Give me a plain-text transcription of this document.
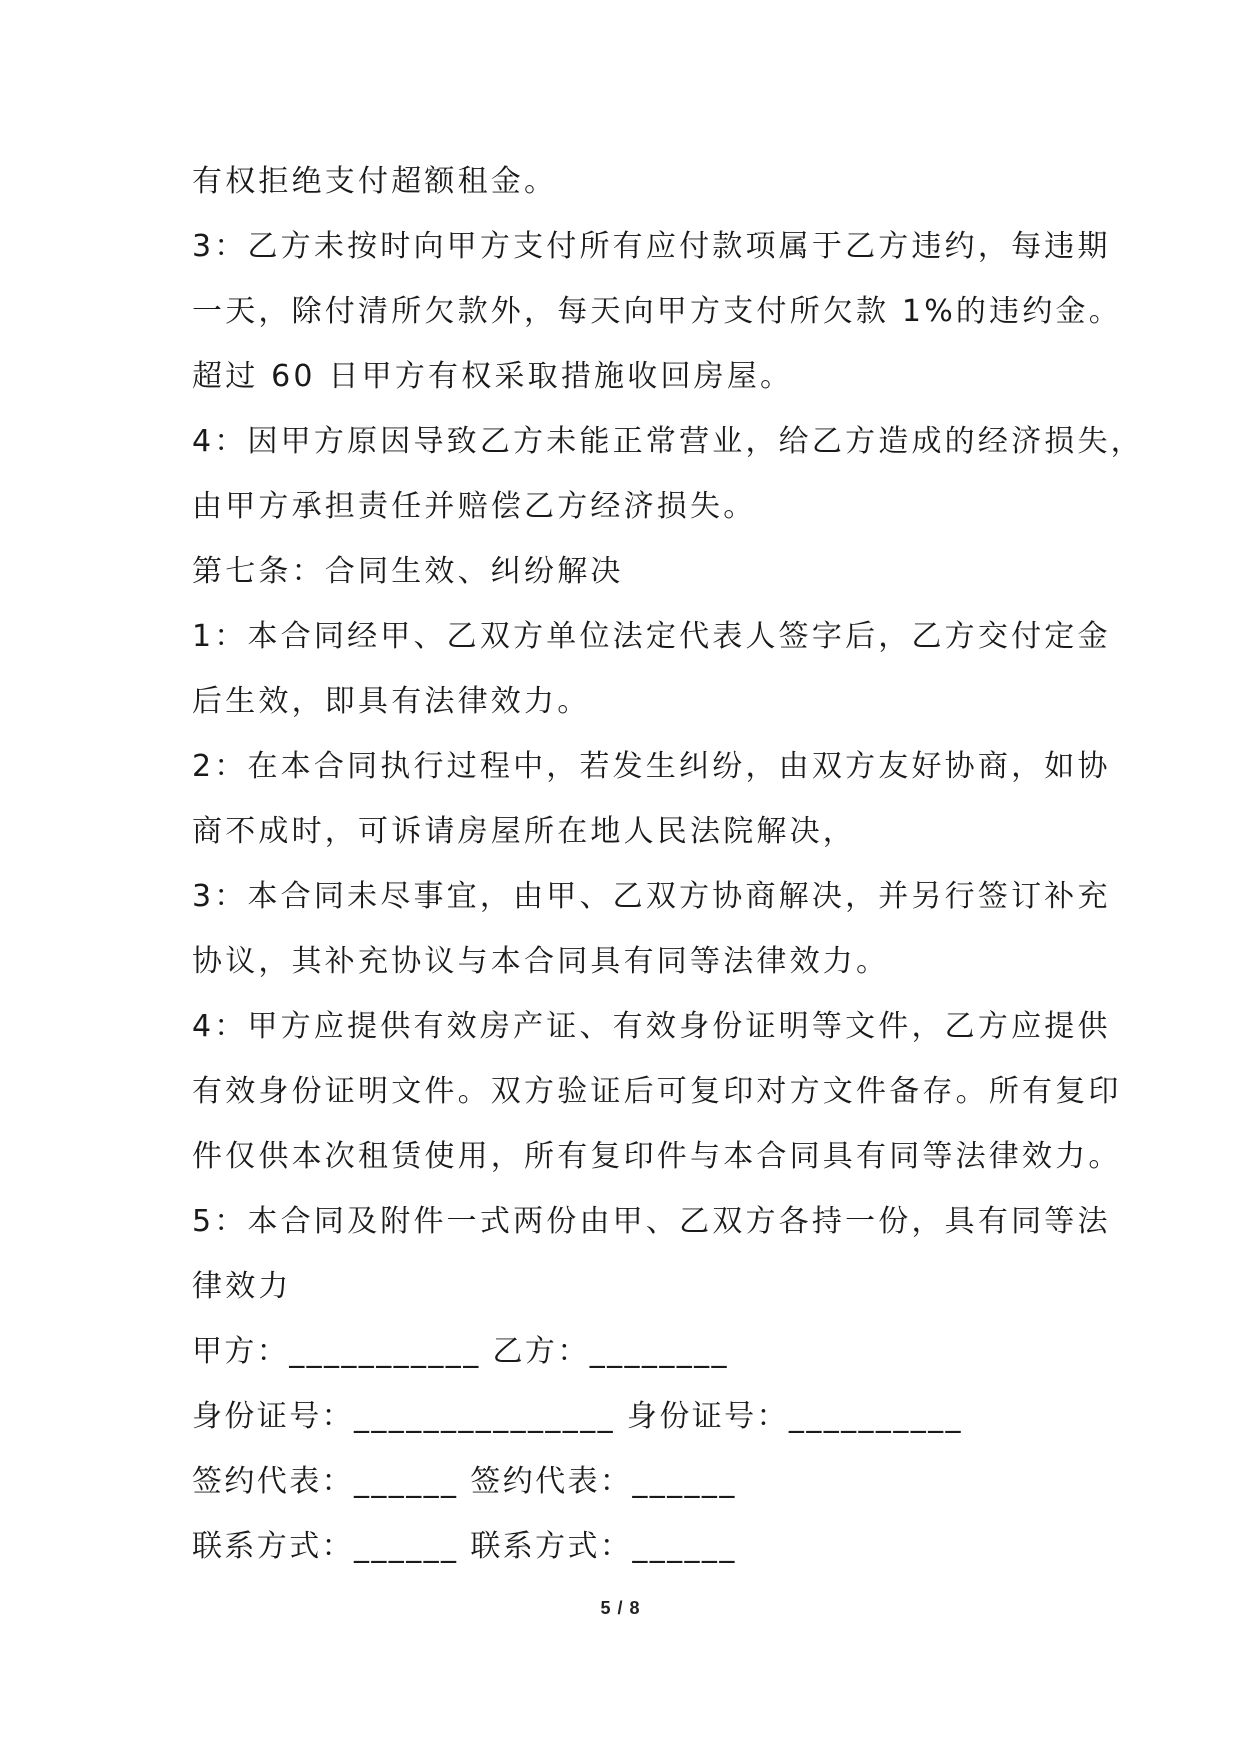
有权拒绝支付超额租金。
3：乙方未按时向甲方支付所有应付款项属于乙方违约，每违期
一天，除付清所欠款外，每天向甲方支付所欠款 1%的违约金。
超过 60 日甲方有权采取措施收回房屋。
4：因甲方原因导致乙方未能正常营业，给乙方造成的经济损失，
由甲方承担责任并赔偿乙方经济损失。
第七条：合同生效、纠纷解决
1：本合同经甲、乙双方单位法定代表人签字后，乙方交付定金
后生效，即具有法律效力。
2：在本合同执行过程中，若发生纠纷，由双方友好协商，如协
商不成时，可诉请房屋所在地人民法院解决，
3：本合同未尽事宜，由甲、乙双方协商解决，并另行签订补充
协议，其补充协议与本合同具有同等法律效力。
4：甲方应提供有效房产证、有效身份证明等文件，乙方应提供
有效身份证明文件。双方验证后可复印对方文件备存。所有复印
件仅供本次租赁使用，所有复印件与本合同具有同等法律效力。
5：本合同及附件一式两份由甲、乙双方各持一份，具有同等法
律效力
甲方：___________ 乙方：________
身份证号：_______________ 身份证号：__________
签约代表：______ 签约代表：______
联系方式：______ 联系方式：______
5 / 8
